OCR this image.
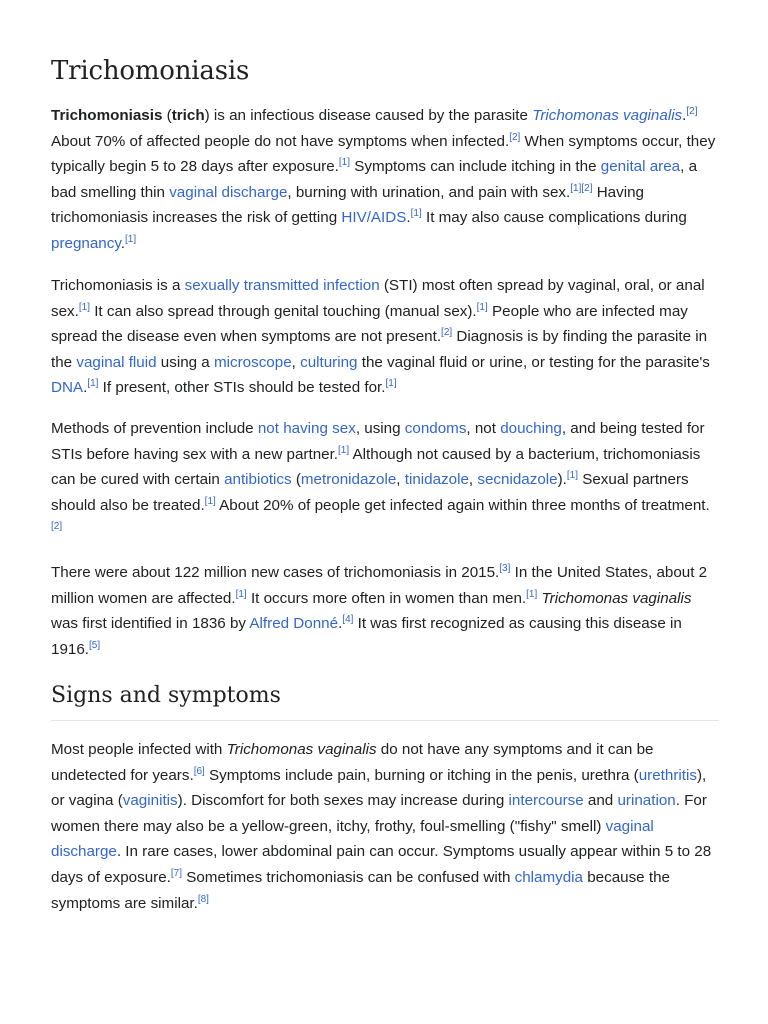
Trichomoniasis

Trichomoniasis (trich) is an infectious disease caused by the parasite Trichomonas vaginalis.[2] About 70% of affected people do not have symptoms when infected.[2] When symptoms occur, they typically begin 5 to 28 days after exposure.[1] Symptoms can include itching in the genital area, a bad smelling thin vaginal discharge, burning with urination, and pain with sex.[1][2] Having trichomoniasis increases the risk of getting HIV/AIDS.[1] It may also cause complications during pregnancy.[1]

Trichomoniasis is a sexually transmitted infection (STI) most often spread by vaginal, oral, or anal sex.[1] It can also spread through genital touching (manual sex).[1] People who are infected may spread the disease even when symptoms are not present.[2] Diagnosis is by finding the parasite in the vaginal fluid using a microscope, culturing the vaginal fluid or urine, or testing for the parasite's DNA.[1] If present, other STIs should be tested for.[1]

Methods of prevention include not having sex, using condoms, not douching, and being tested for STIs before having sex with a new partner.[1] Although not caused by a bacterium, trichomoniasis can be cured with certain antibiotics (metronidazole, tinidazole, secnidazole).[1] Sexual partners should also be treated.[1] About 20% of people get infected again within three months of treatment.[2]

There were about 122 million new cases of trichomoniasis in 2015.[3] In the United States, about 2 million women are affected.[1] It occurs more often in women than men.[1] Trichomonas vaginalis was first identified in 1836 by Alfred Donné.[4] It was first recognized as causing this disease in 1916.[5]

Signs and symptoms

Most people infected with Trichomonas vaginalis do not have any symptoms and it can be undetected for years.[6] Symptoms include pain, burning or itching in the penis, urethra (urethritis), or vagina (vaginitis). Discomfort for both sexes may increase during intercourse and urination. For women there may also be a yellow-green, itchy, frothy, foul-smelling ("fishy" smell) vaginal discharge. In rare cases, lower abdominal pain can occur. Symptoms usually appear within 5 to 28 days of exposure.[7] Sometimes trichomoniasis can be confused with chlamydia because the symptoms are similar.[8]
